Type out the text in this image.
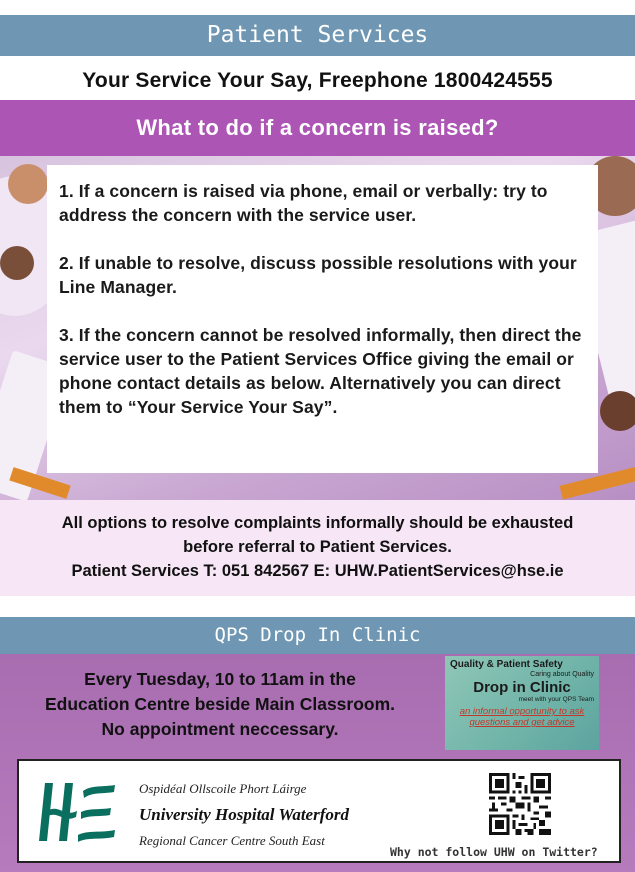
Patient Services
Your Service Your Say, Freephone 1800424555
What to do if a concern is raised?

1. If a concern is raised via phone, email or verbally: try to address the concern with the service user.

2. If unable to resolve, discuss possible resolutions with your Line Manager.

3. If the concern cannot be resolved informally, then direct the service user to the Patient Services Office giving the email or phone contact details as below. Alternatively you can direct them to “Your Service Your Say”.

All options to resolve complaints informally should be exhausted

before referral to Patient Services.

Patient Services T: 051 842567 E: UHW.PatientServices@hse.ie

QPS Drop In Clinic

Every Tuesday, 10 to 11am in the

Education Centre beside Main Classroom.

No appointment neccessary.

Quality & Patient Safety
Caring about Quality
Drop in Clinic
meet with your QPS Team
an informal opportunity to ask questions and get advice
Ospidéal Ollscoile Phort Láirge
University Hospital Waterford
Regional Cancer Centre South East
Why not follow UHW on Twitter?
